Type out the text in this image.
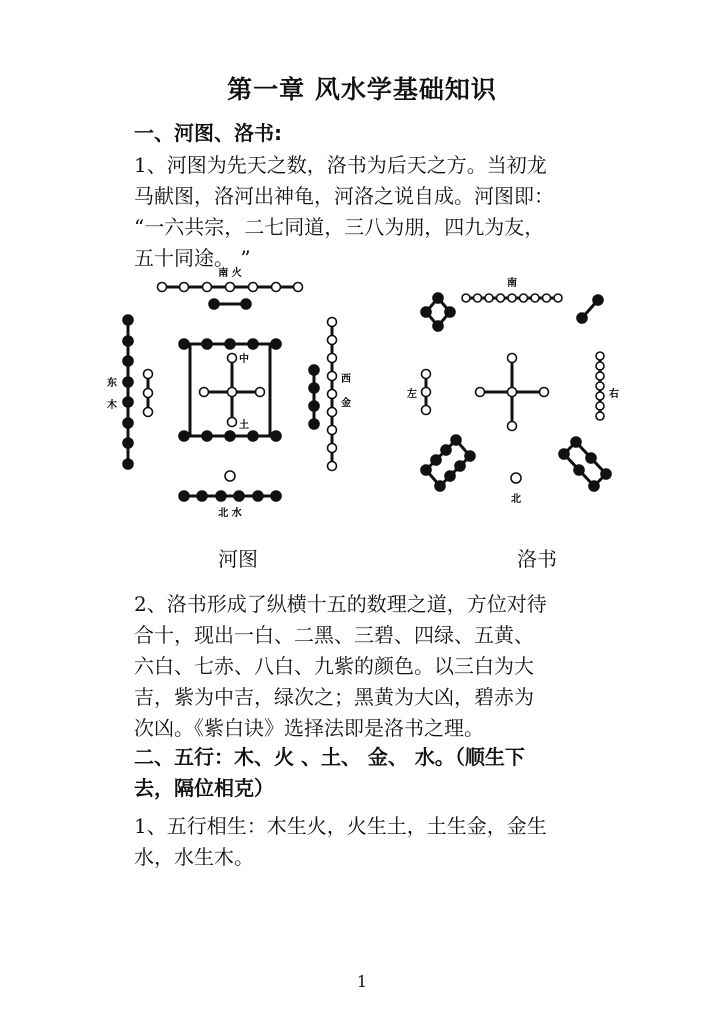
第一章 风水学基础知识
一、河图、洛书:
1、河图为先天之数，洛书为后天之方。当初龙
马献图，洛河出神龟，河洛之说自成。河图即：
“一六共宗，二七同道，三八为朋，四九为友，
五十同途。 ”
南 火
东
木
西
金
中
土
北 水
南
左	右
北
河图	洛书
2、洛书形成了纵横十五的数理之道，方位对待
合十，现出一白、二黑、三碧、四绿、五黄、
六白、七赤、八白、九紫的颜色。以三白为大
吉，紫为中吉，绿次之；黑黄为大凶，碧赤为
次凶。《紫白诀》选择法即是洛书之理。
二、五行：木、火 、土、 金、 水。（顺生下
去，隔位相克）
1、五行相生：木生火，火生土，土生金，金生
水，水生木。
1
